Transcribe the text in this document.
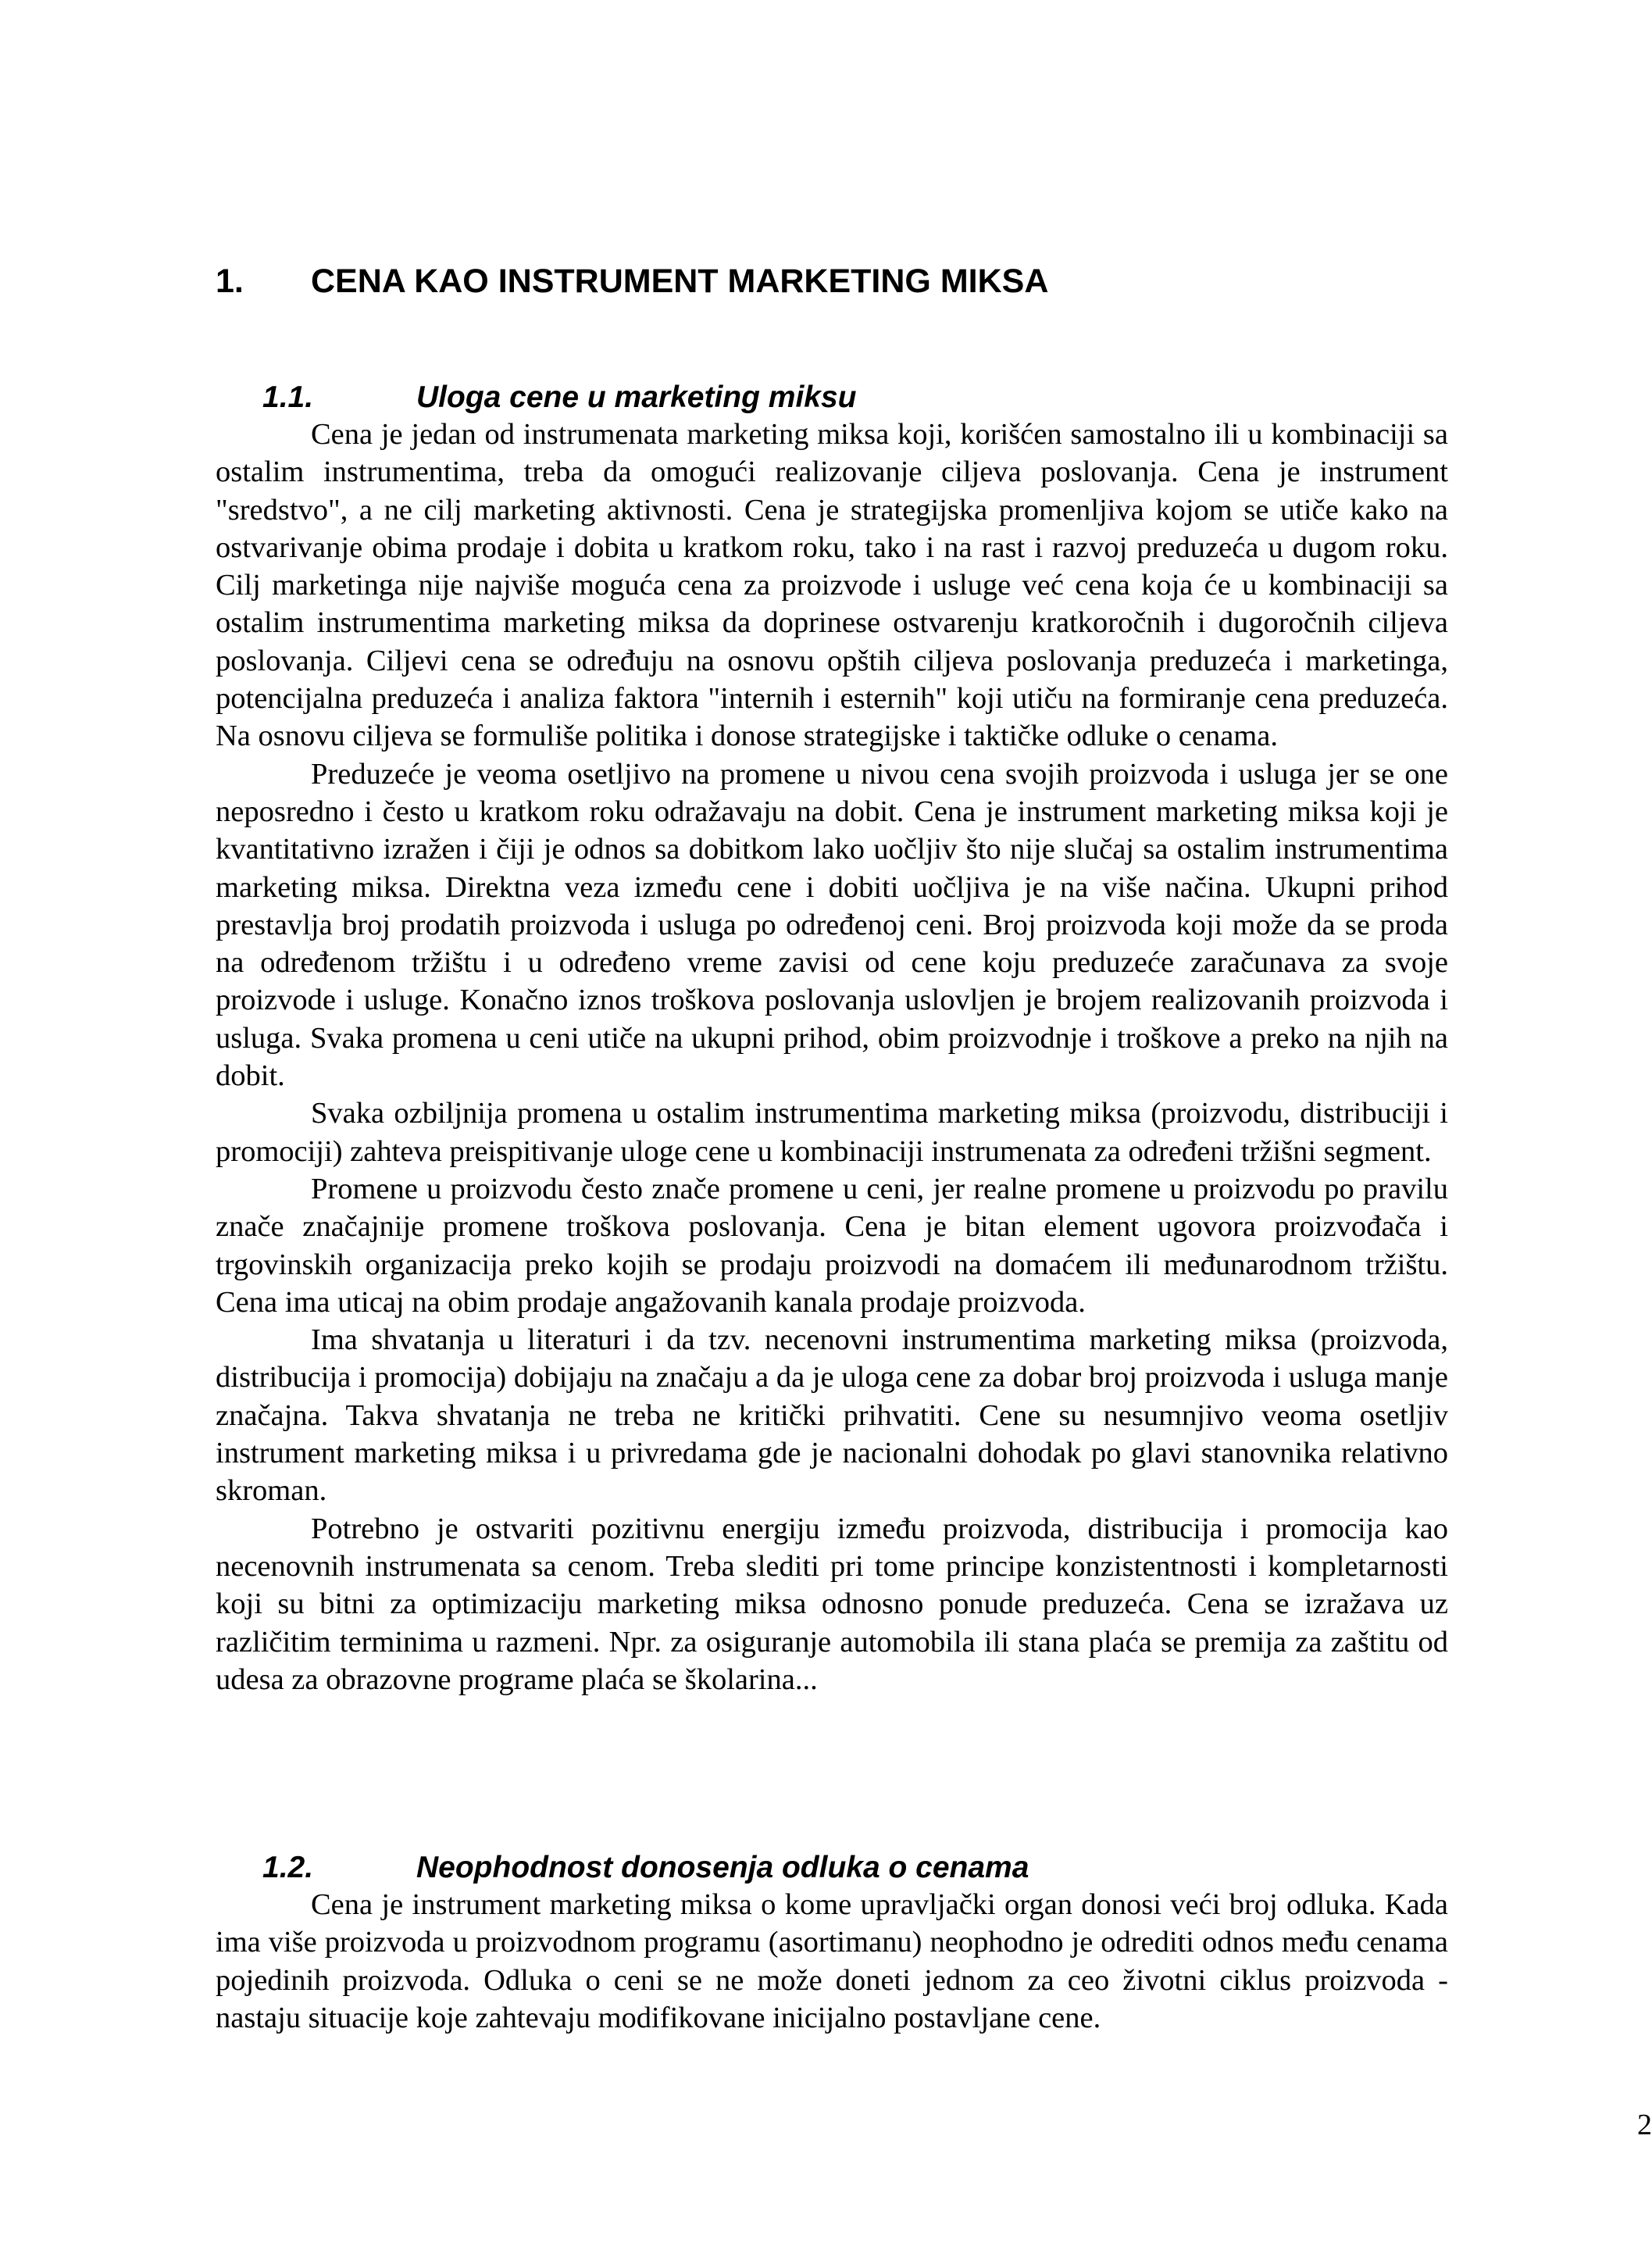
1. CENA KAO INSTRUMENT MARKETING MIKSA
1.1.	Uloga cene u marketing miksu

Cena je jedan od instrumenata marketing miksa koji, korišćen samostalno ili u kombinaciji sa ostalim instrumentima, treba da omogući realizovanje ciljeva poslovanja. Cena je instrument "sredstvo", a ne cilj marketing aktivnosti. Cena je strategijska promenljiva kojom se utiče kako na ostvarivanje obima prodaje i dobita u kratkom roku, tako i na rast i razvoj preduzeća u dugom roku. Cilj marketinga nije najviše moguća cena za proizvode i usluge već cena koja će u kombinaciji sa ostalim instrumentima marketing miksa da doprinese ostvarenju kratkoročnih i dugoročnih ciljeva poslovanja. Ciljevi cena se određuju na osnovu opštih ciljeva poslovanja preduzeća i marketinga, potencijalna preduzeća i analiza faktora "internih i esternih" koji utiču na formiranje cena preduzeća. Na osnovu ciljeva se formuliše politika i donose strategijske i taktičke odluke o cenama.

Preduzeće je veoma osetljivo na promene u nivou cena svojih proizvoda i usluga jer se one neposredno i često u kratkom roku odražavaju na dobit. Cena je instrument marketing miksa koji je kvantitativno izražen i čiji je odnos sa dobitkom lako uočljiv što nije slučaj sa ostalim instrumentima marketing miksa. Direktna veza između cene i dobiti uočljiva je na više načina. Ukupni prihod prestavlja broj prodatih proizvoda i usluga po određenoj ceni. Broj proizvoda koji može da se proda na određenom tržištu i u određeno vreme zavisi od cene koju preduzeće zaračunava za svoje proizvode i usluge. Konačno iznos troškova poslovanja uslovljen je brojem realizovanih proizvoda i usluga. Svaka promena u ceni utiče na ukupni prihod, obim proizvodnje i troškove a preko na njih na dobit.

Svaka ozbiljnija promena u ostalim instrumentima marketing miksa (proizvodu, distribuciji i promociji) zahteva preispitivanje uloge cene u kombinaciji instrumenata za određeni tržišni segment.

Promene u proizvodu često znače promene u ceni, jer realne promene u proizvodu po pravilu znače značajnije promene troškova poslovanja. Cena je bitan element ugovora proizvođača i trgovinskih organizacija preko kojih se prodaju proizvodi na domaćem ili međunarodnom tržištu. Cena ima uticaj na obim prodaje angažovanih kanala prodaje proizvoda.

Ima shvatanja u literaturi i da tzv. necenovni instrumentima marketing miksa (proizvoda, distribucija i promocija) dobijaju na značaju a da je uloga cene za dobar broj proizvoda i usluga manje značajna. Takva shvatanja ne treba ne kritički prihvatiti. Cene su nesumnjivo veoma osetljiv instrument marketing miksa i u privredama gde je nacionalni dohodak po glavi stanovnika relativno skroman.

Potrebno je ostvariti pozitivnu energiju između proizvoda, distribucija i promocija kao necenovnih instrumenata sa cenom. Treba slediti pri tome principe konzistentnosti i kompletarnosti koji su bitni za optimizaciju marketing miksa odnosno ponude preduzeća. Cena se izražava uz različitim terminima u razmeni. Npr. za osiguranje automobila ili stana plaća se premija za zaštitu od udesa za obrazovne programe plaća se školarina...

1.2.	Neophodnost donosenja odluka o cenama

Cena je instrument marketing miksa o kome upravljački organ donosi veći broj odluka. Kada ima više proizvoda u proizvodnom programu (asortimanu) neophodno je odrediti odnos među cenama pojedinih proizvoda. Odluka o ceni se ne može doneti jednom za ceo životni ciklus proizvoda - nastaju situacije koje zahtevaju modifikovane inicijalno postavljane cene.

2
